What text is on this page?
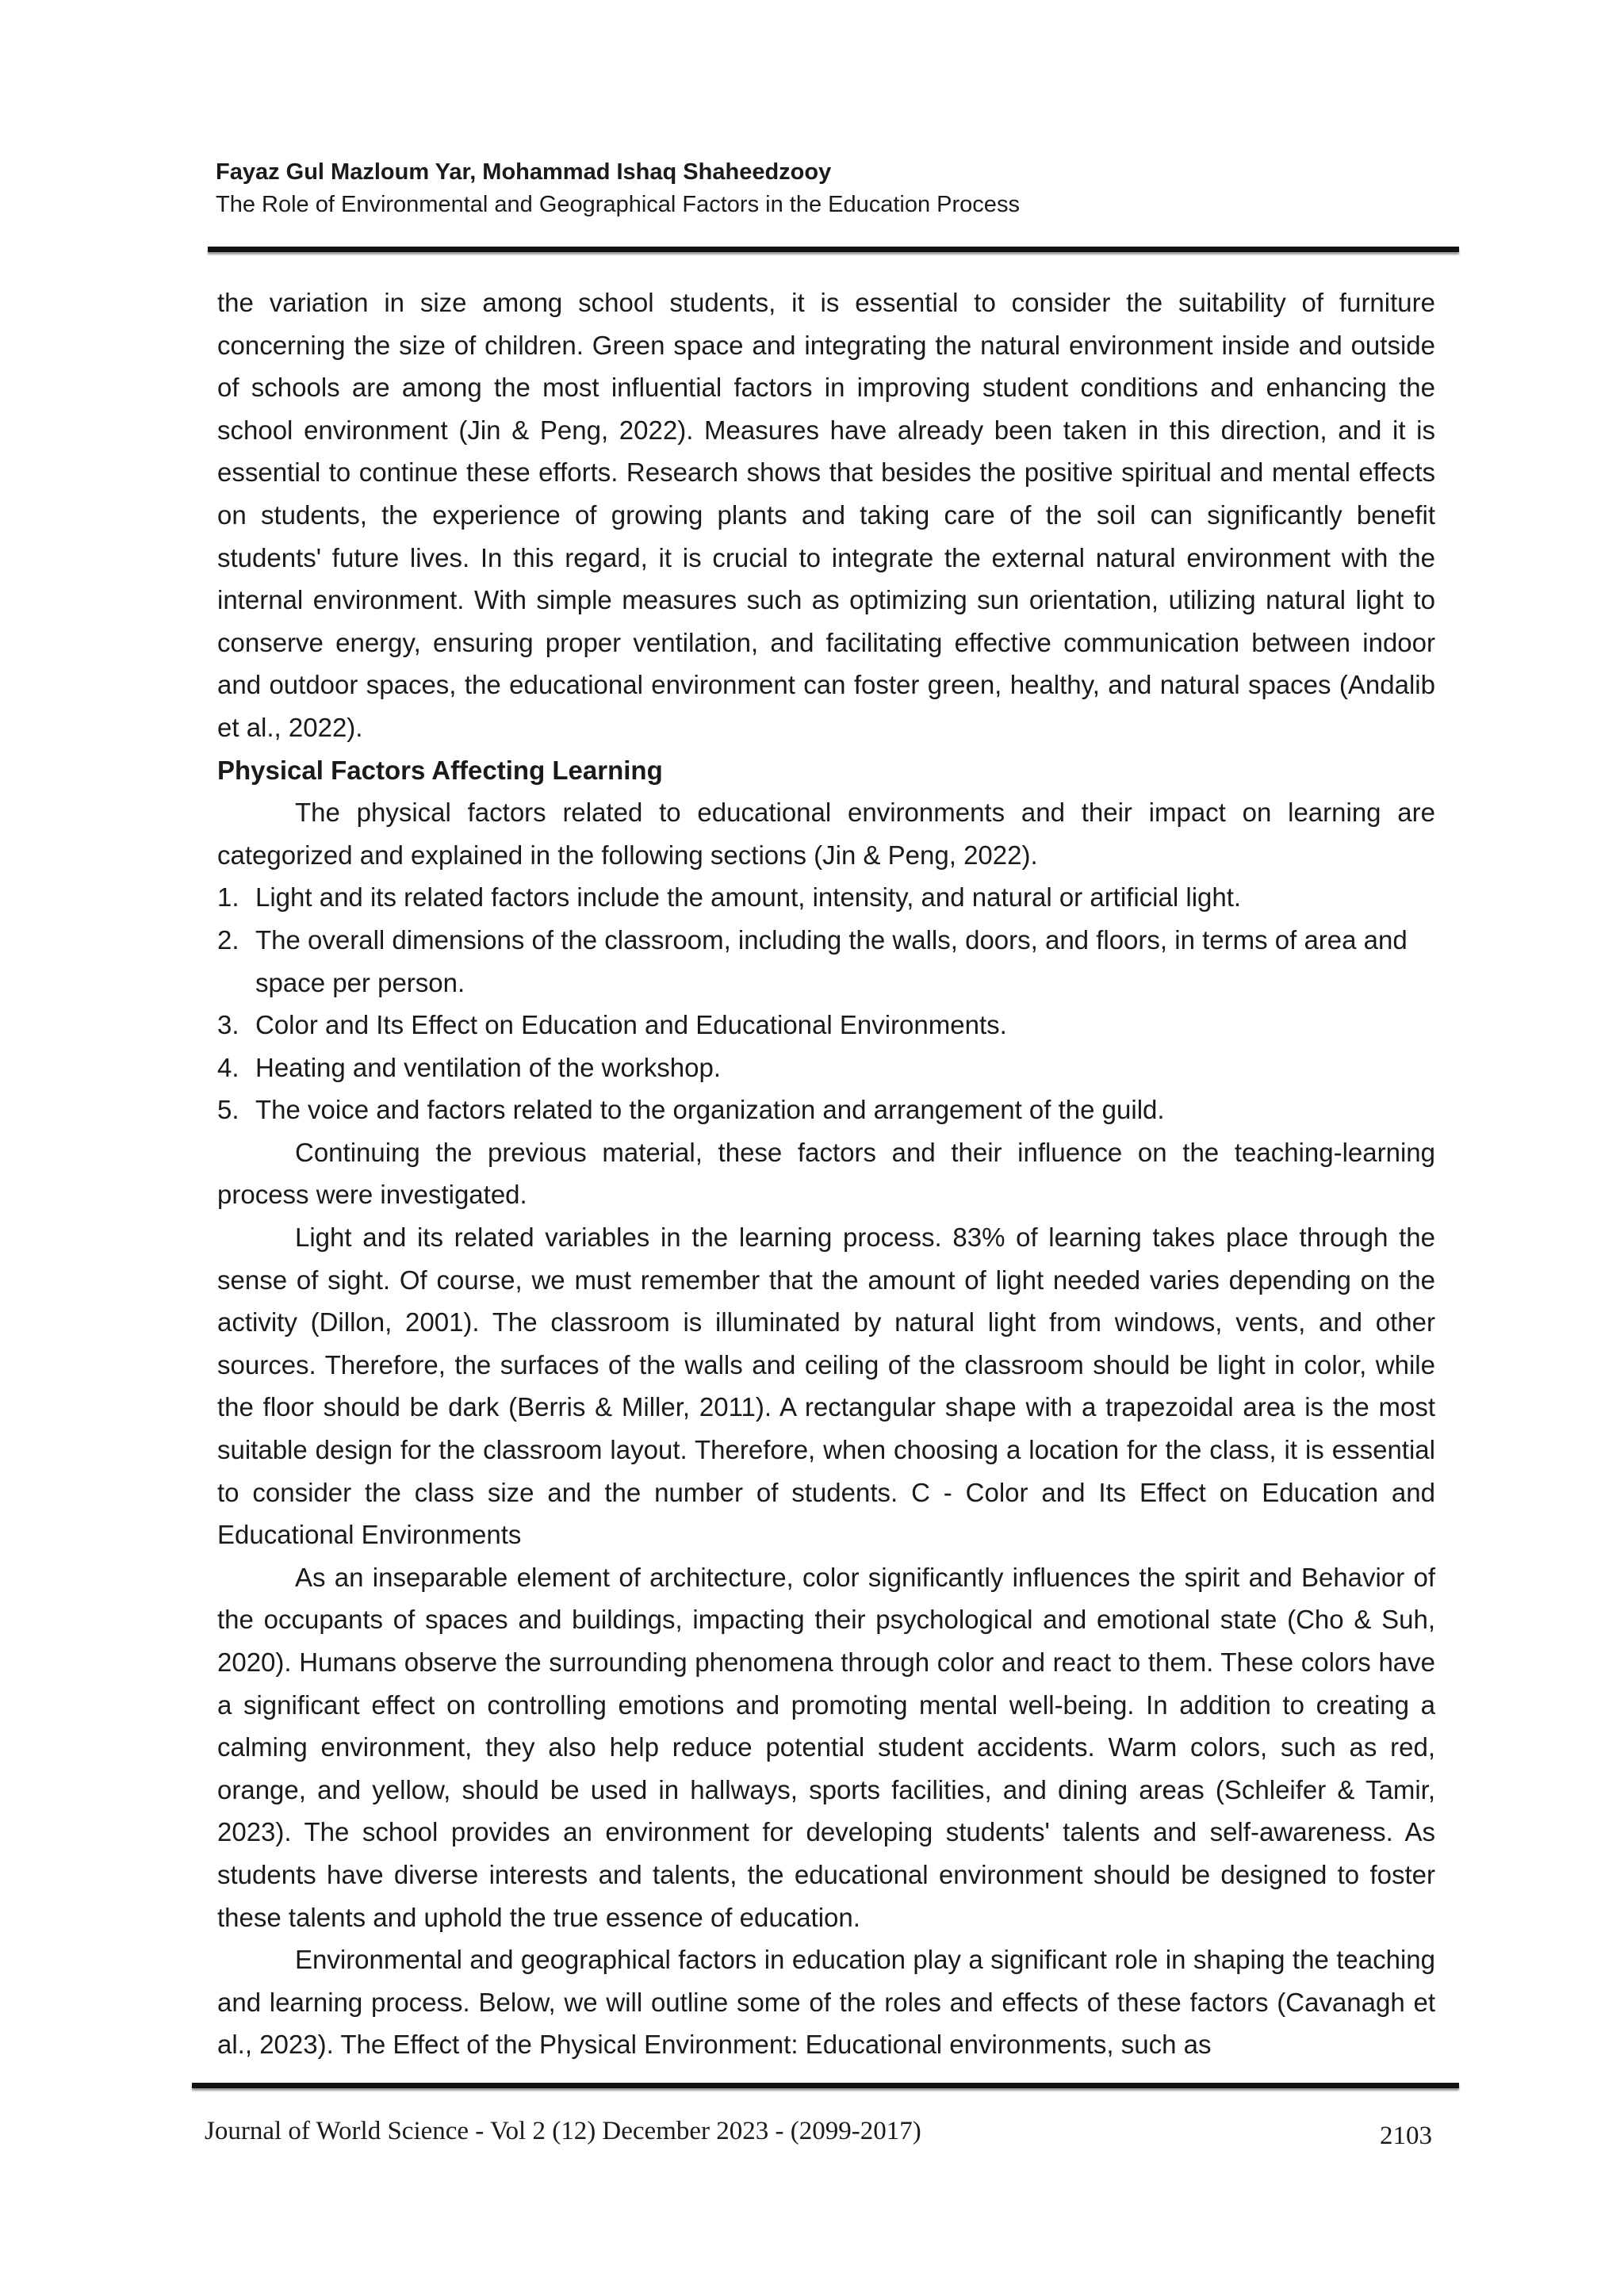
Fayaz Gul Mazloum Yar, Mohammad Ishaq Shaheedzooy

The Role of Environmental and Geographical Factors in the Education Process

the variation in size among school students, it is essential to consider the suitability of furniture concerning the size of children. Green space and integrating the natural environment inside and outside of schools are among the most influential factors in improving student conditions and enhancing the school environment (Jin & Peng, 2022). Measures have already been taken in this direction, and it is essential to continue these efforts. Research shows that besides the positive spiritual and mental effects on students, the experience of growing plants and taking care of the soil can significantly benefit students' future lives. In this regard, it is crucial to integrate the external natural environment with the internal environment. With simple measures such as optimizing sun orientation, utilizing natural light to conserve energy, ensuring proper ventilation, and facilitating effective communication between indoor and outdoor spaces, the educational environment can foster green, healthy, and natural spaces (Andalib et al., 2022).

Physical Factors Affecting Learning

The physical factors related to educational environments and their impact on learning are categorized and explained in the following sections (Jin & Peng, 2022).

1. Light and its related factors include the amount, intensity, and natural or artificial light.
2. The overall dimensions of the classroom, including the walls, doors, and floors, in terms of area and space per person.
3. Color and Its Effect on Education and Educational Environments.
4. Heating and ventilation of the workshop.
5. The voice and factors related to the organization and arrangement of the guild.

Continuing the previous material, these factors and their influence on the teaching-learning process were investigated.

Light and its related variables in the learning process. 83% of learning takes place through the sense of sight. Of course, we must remember that the amount of light needed varies depending on the activity (Dillon, 2001). The classroom is illuminated by natural light from windows, vents, and other sources. Therefore, the surfaces of the walls and ceiling of the classroom should be light in color, while the floor should be dark (Berris & Miller, 2011). A rectangular shape with a trapezoidal area is the most suitable design for the classroom layout. Therefore, when choosing a location for the class, it is essential to consider the class size and the number of students. C - Color and Its Effect on Education and Educational Environments

As an inseparable element of architecture, color significantly influences the spirit and Behavior of the occupants of spaces and buildings, impacting their psychological and emotional state (Cho & Suh, 2020). Humans observe the surrounding phenomena through color and react to them. These colors have a significant effect on controlling emotions and promoting mental well-being. In addition to creating a calming environment, they also help reduce potential student accidents. Warm colors, such as red, orange, and yellow, should be used in hallways, sports facilities, and dining areas (Schleifer & Tamir, 2023). The school provides an environment for developing students' talents and self-awareness. As students have diverse interests and talents, the educational environment should be designed to foster these talents and uphold the true essence of education.

Environmental and geographical factors in education play a significant role in shaping the teaching and learning process. Below, we will outline some of the roles and effects of these factors (Cavanagh et al., 2023). The Effect of the Physical Environment: Educational environments, such as

Journal of World Science - Vol 2 (12) December 2023 - (2099-2017)	2103
